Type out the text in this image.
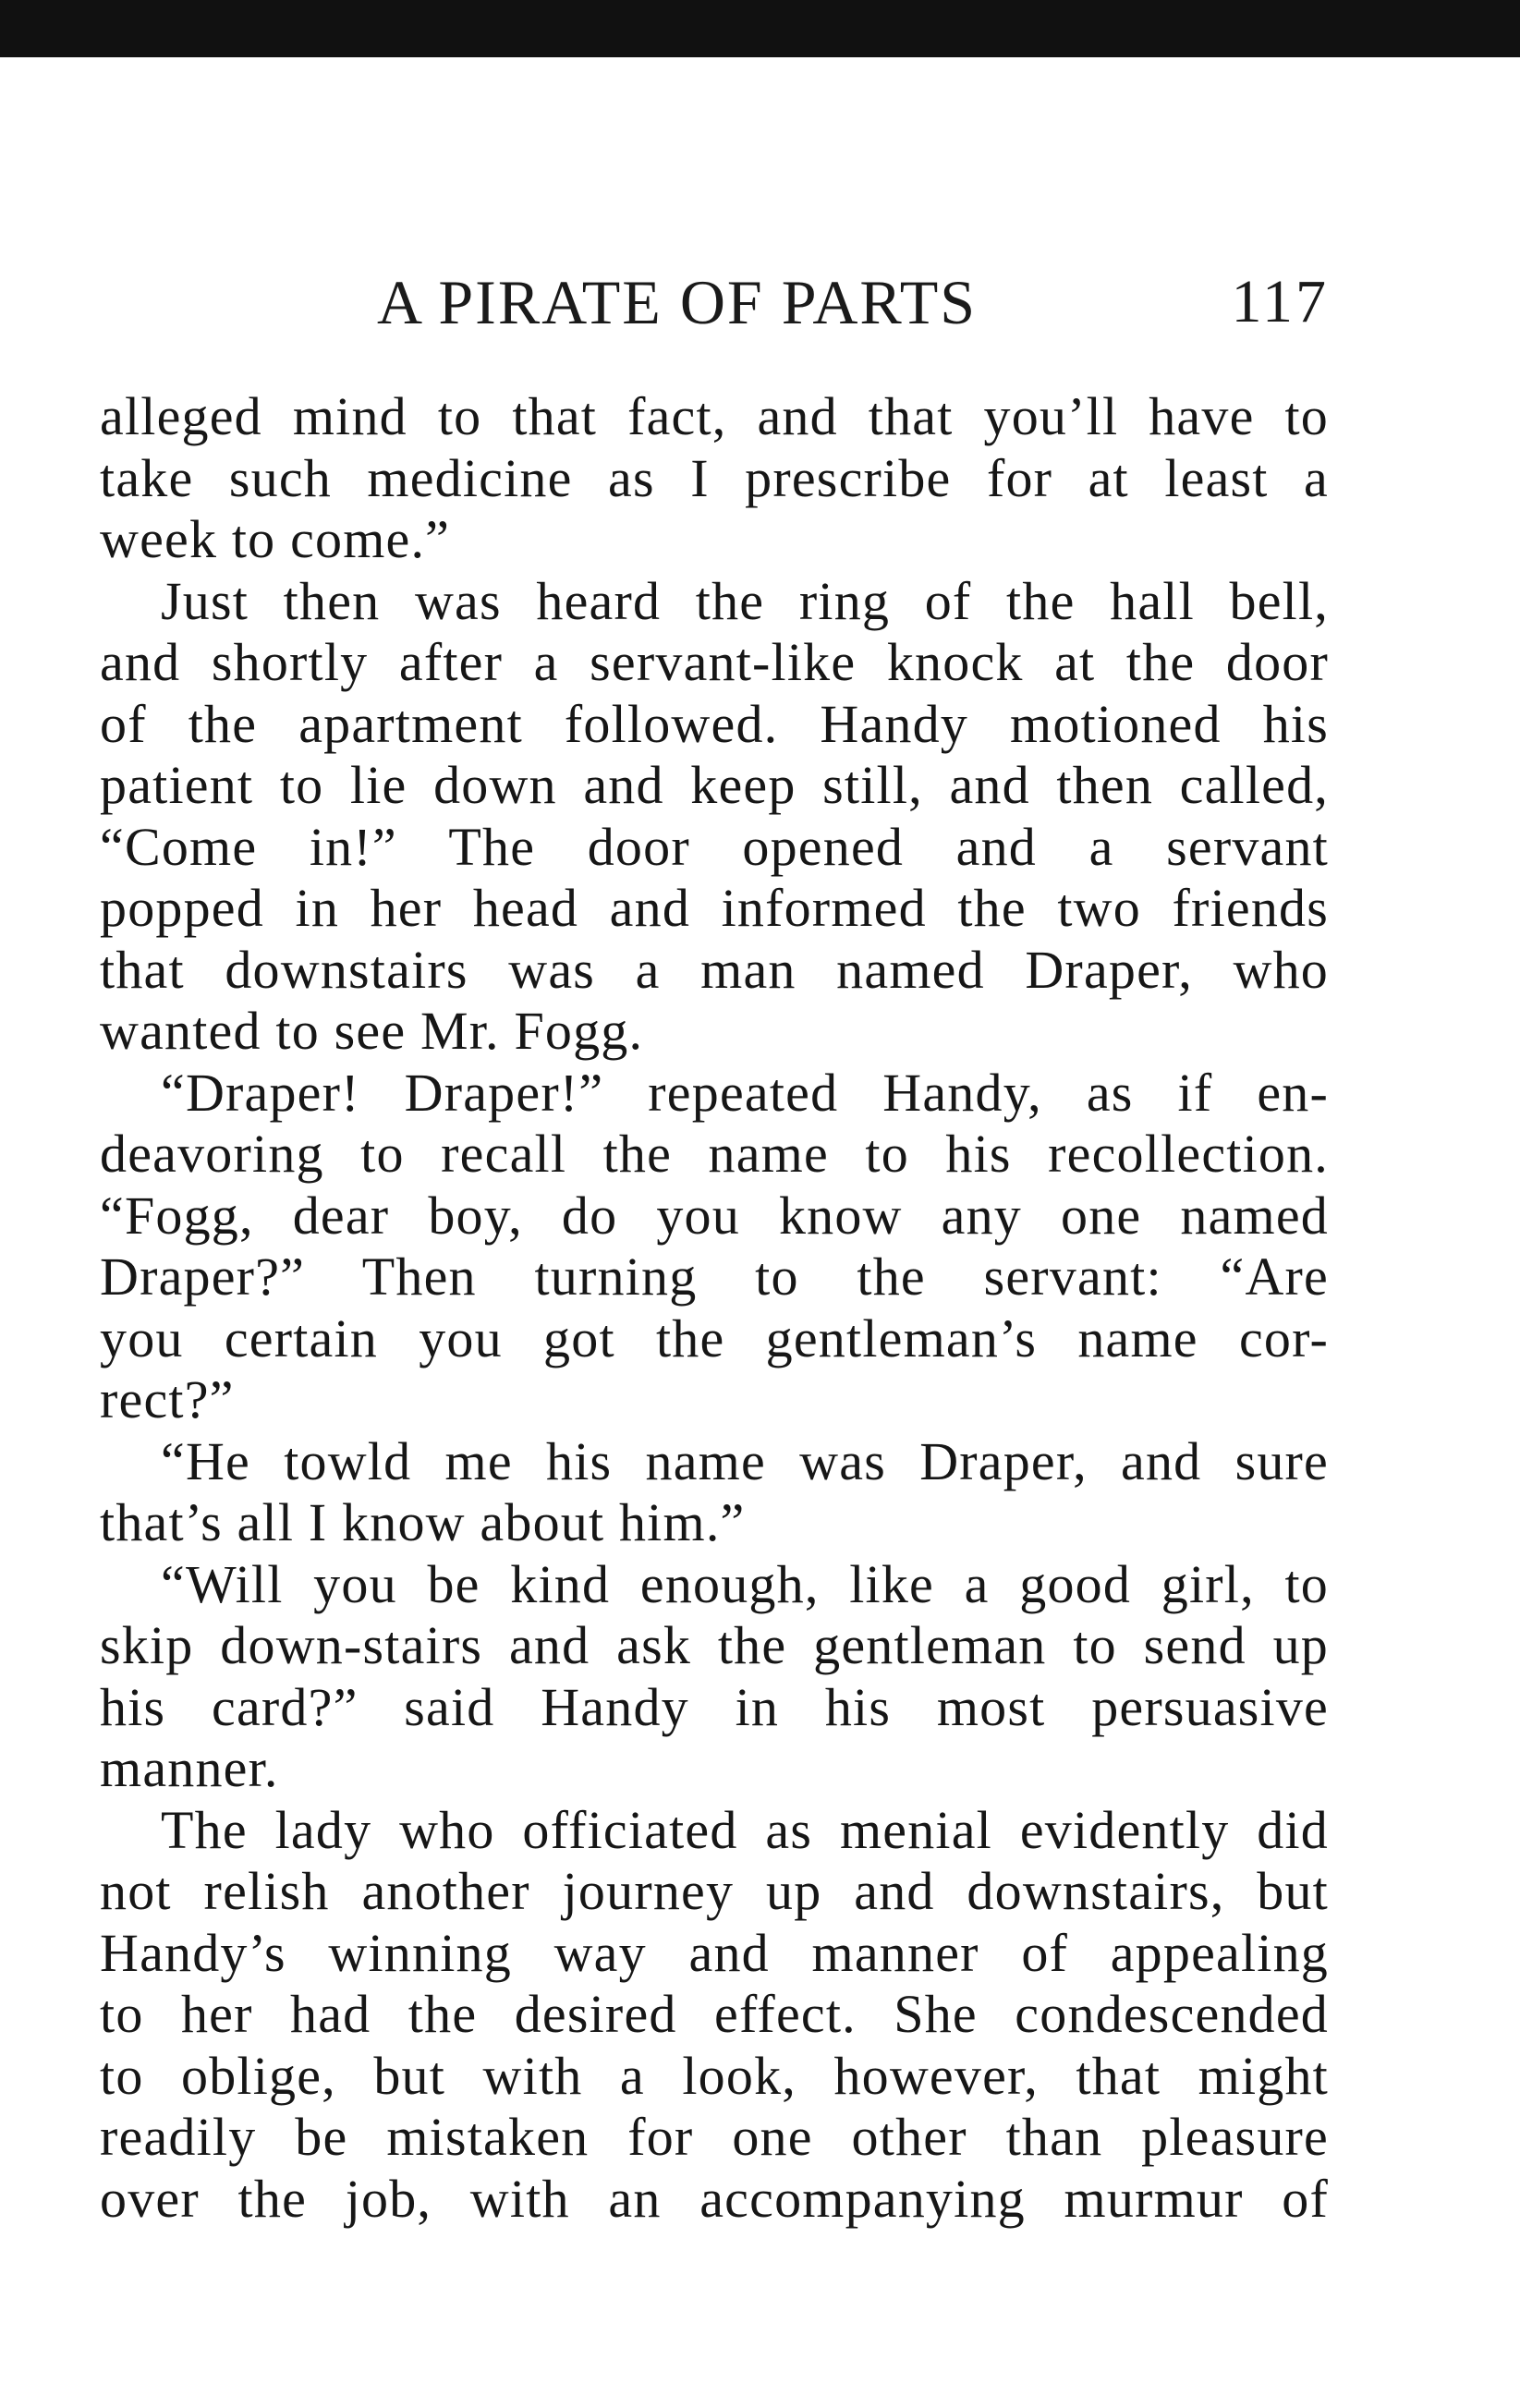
A PIRATE OF PARTS	117
alleged mind to that fact, and that you’ll have to
take such medicine as I prescribe for at least a
week to come.”
Just then was heard the ring of the hall bell,
and shortly after a servant-like knock at the door
of the apartment followed. Handy motioned his
patient to lie down and keep still, and then called,
“Come in!” The door opened and a servant
popped in her head and informed the two friends
that downstairs was a man named Draper, who
wanted to see Mr. Fogg.
“Draper! Draper!” repeated Handy, as if en-
deavoring to recall the name to his recollection.
“Fogg, dear boy, do you know any one named
Draper?” Then turning to the servant: “Are
you certain you got the gentleman’s name cor-
rect?”
“He towld me his name was Draper, and sure
that’s all I know about him.”
“Will you be kind enough, like a good girl, to
skip down-stairs and ask the gentleman to send up
his card?” said Handy in his most persuasive
manner.
The lady who officiated as menial evidently did
not relish another journey up and downstairs, but
Handy’s winning way and manner of appealing
to her had the desired effect. She condescended
to oblige, but with a look, however, that might
readily be mistaken for one other than pleasure
over the job, with an accompanying murmur of
